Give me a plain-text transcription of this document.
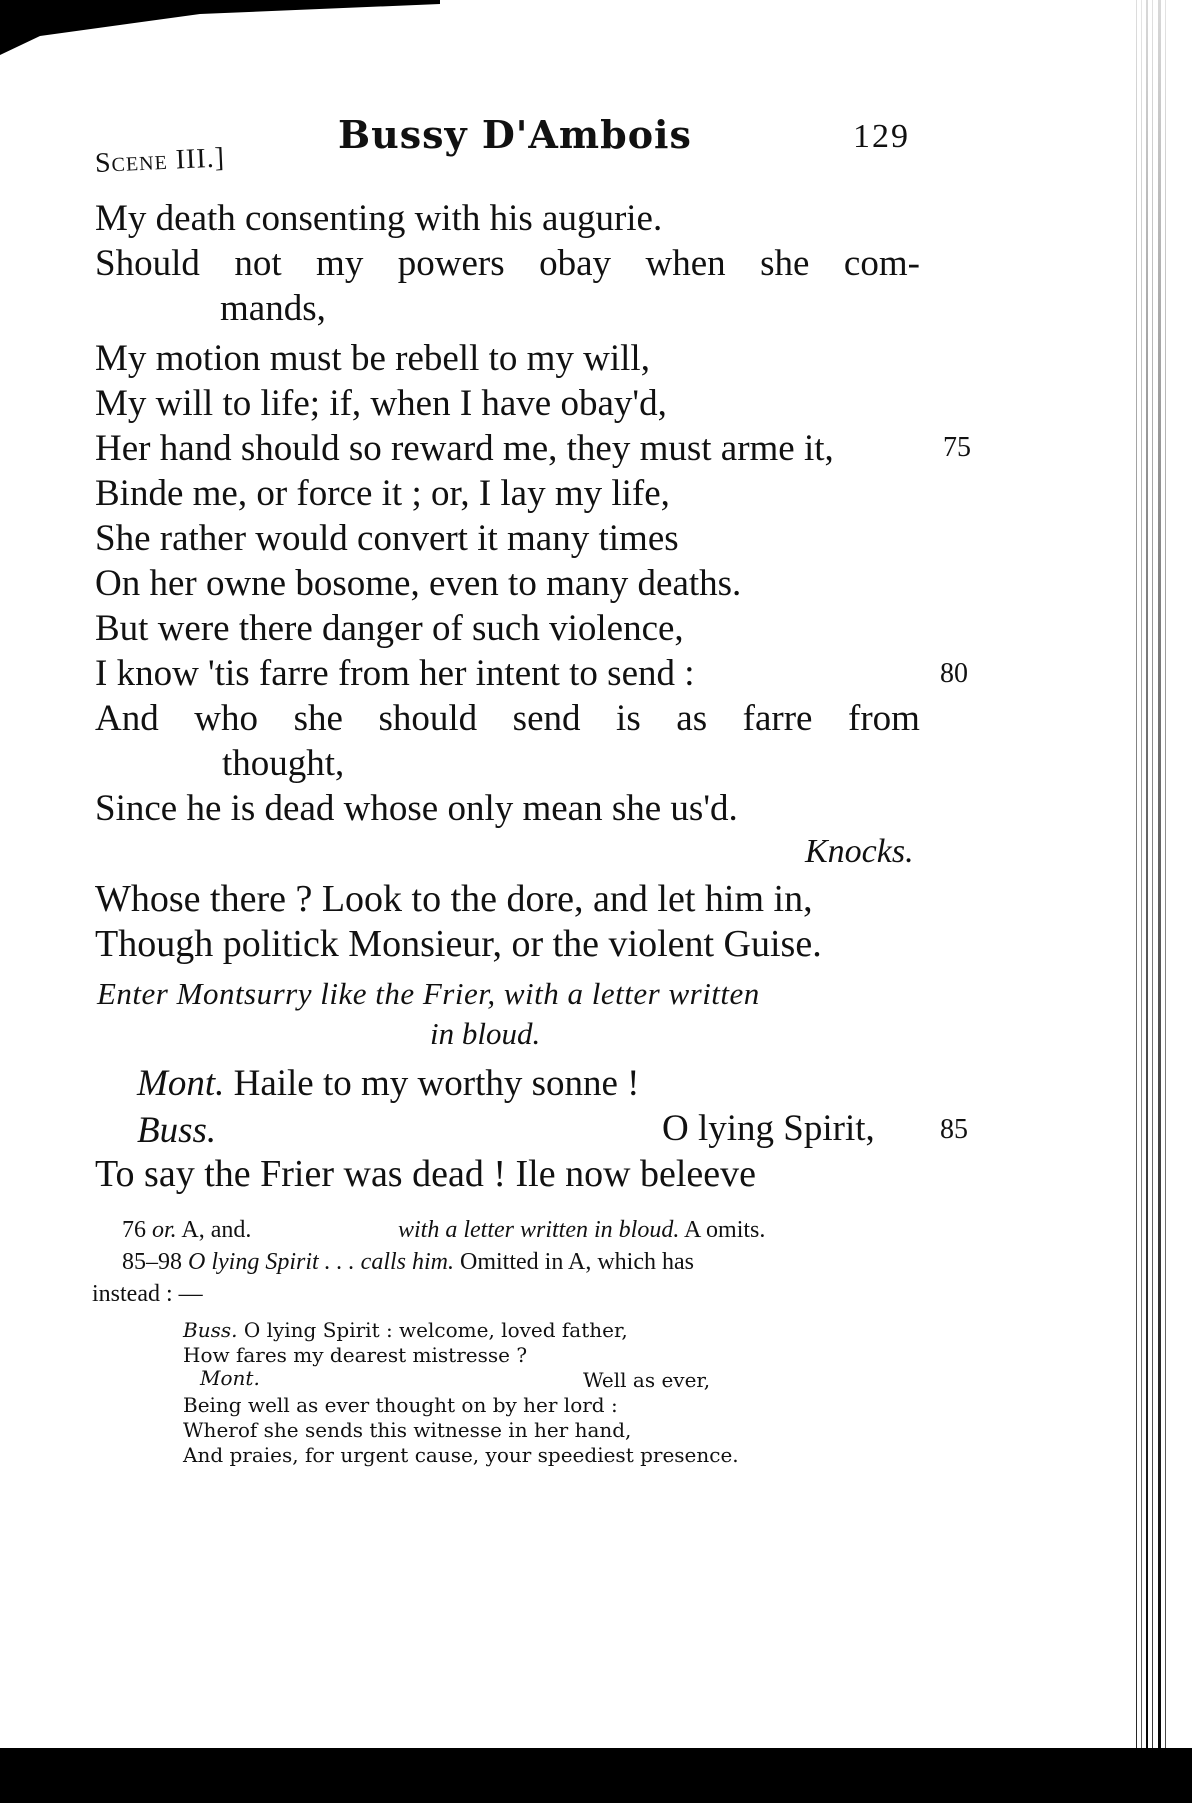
Scene III.]
Bussy D'Ambois	129
My death consenting with his augurie.
Should not my powers obay when she com-
mands,
My motion must be rebell to my will,
My will to life; if, when I have obay'd,
Her hand should so reward me, they must arme it,	75
Binde me, or force it ; or, I lay my life,
She rather would convert it many times
On her owne bosome, even to many deaths.
But were there danger of such violence,
I know 'tis farre from her intent to send :	80
And who she should send is as farre from
thought,
Since he is dead whose only mean she us'd.
Knocks.
Whose there ? Look to the dore, and let him in,
Though politick Monsieur, or the violent Guise.
Enter Montsurry like the Frier, with a letter written
in bloud.
Mont. Haile to my worthy sonne !
Buss.	O lying Spirit, 85
To say the Frier was dead ! Ile now beleeve
76 or. A, and.	with a letter written in bloud. A omits.
85–98 O lying Spirit . . . calls him. Omitted in A, which has
instead : —
Buss. O lying Spirit : welcome, loved father,
How fares my dearest mistresse ?
Mont.	Well as ever,
Being well as ever thought on by her lord :
Wherof she sends this witnesse in her hand,
And praies, for urgent cause, your speediest presence.
